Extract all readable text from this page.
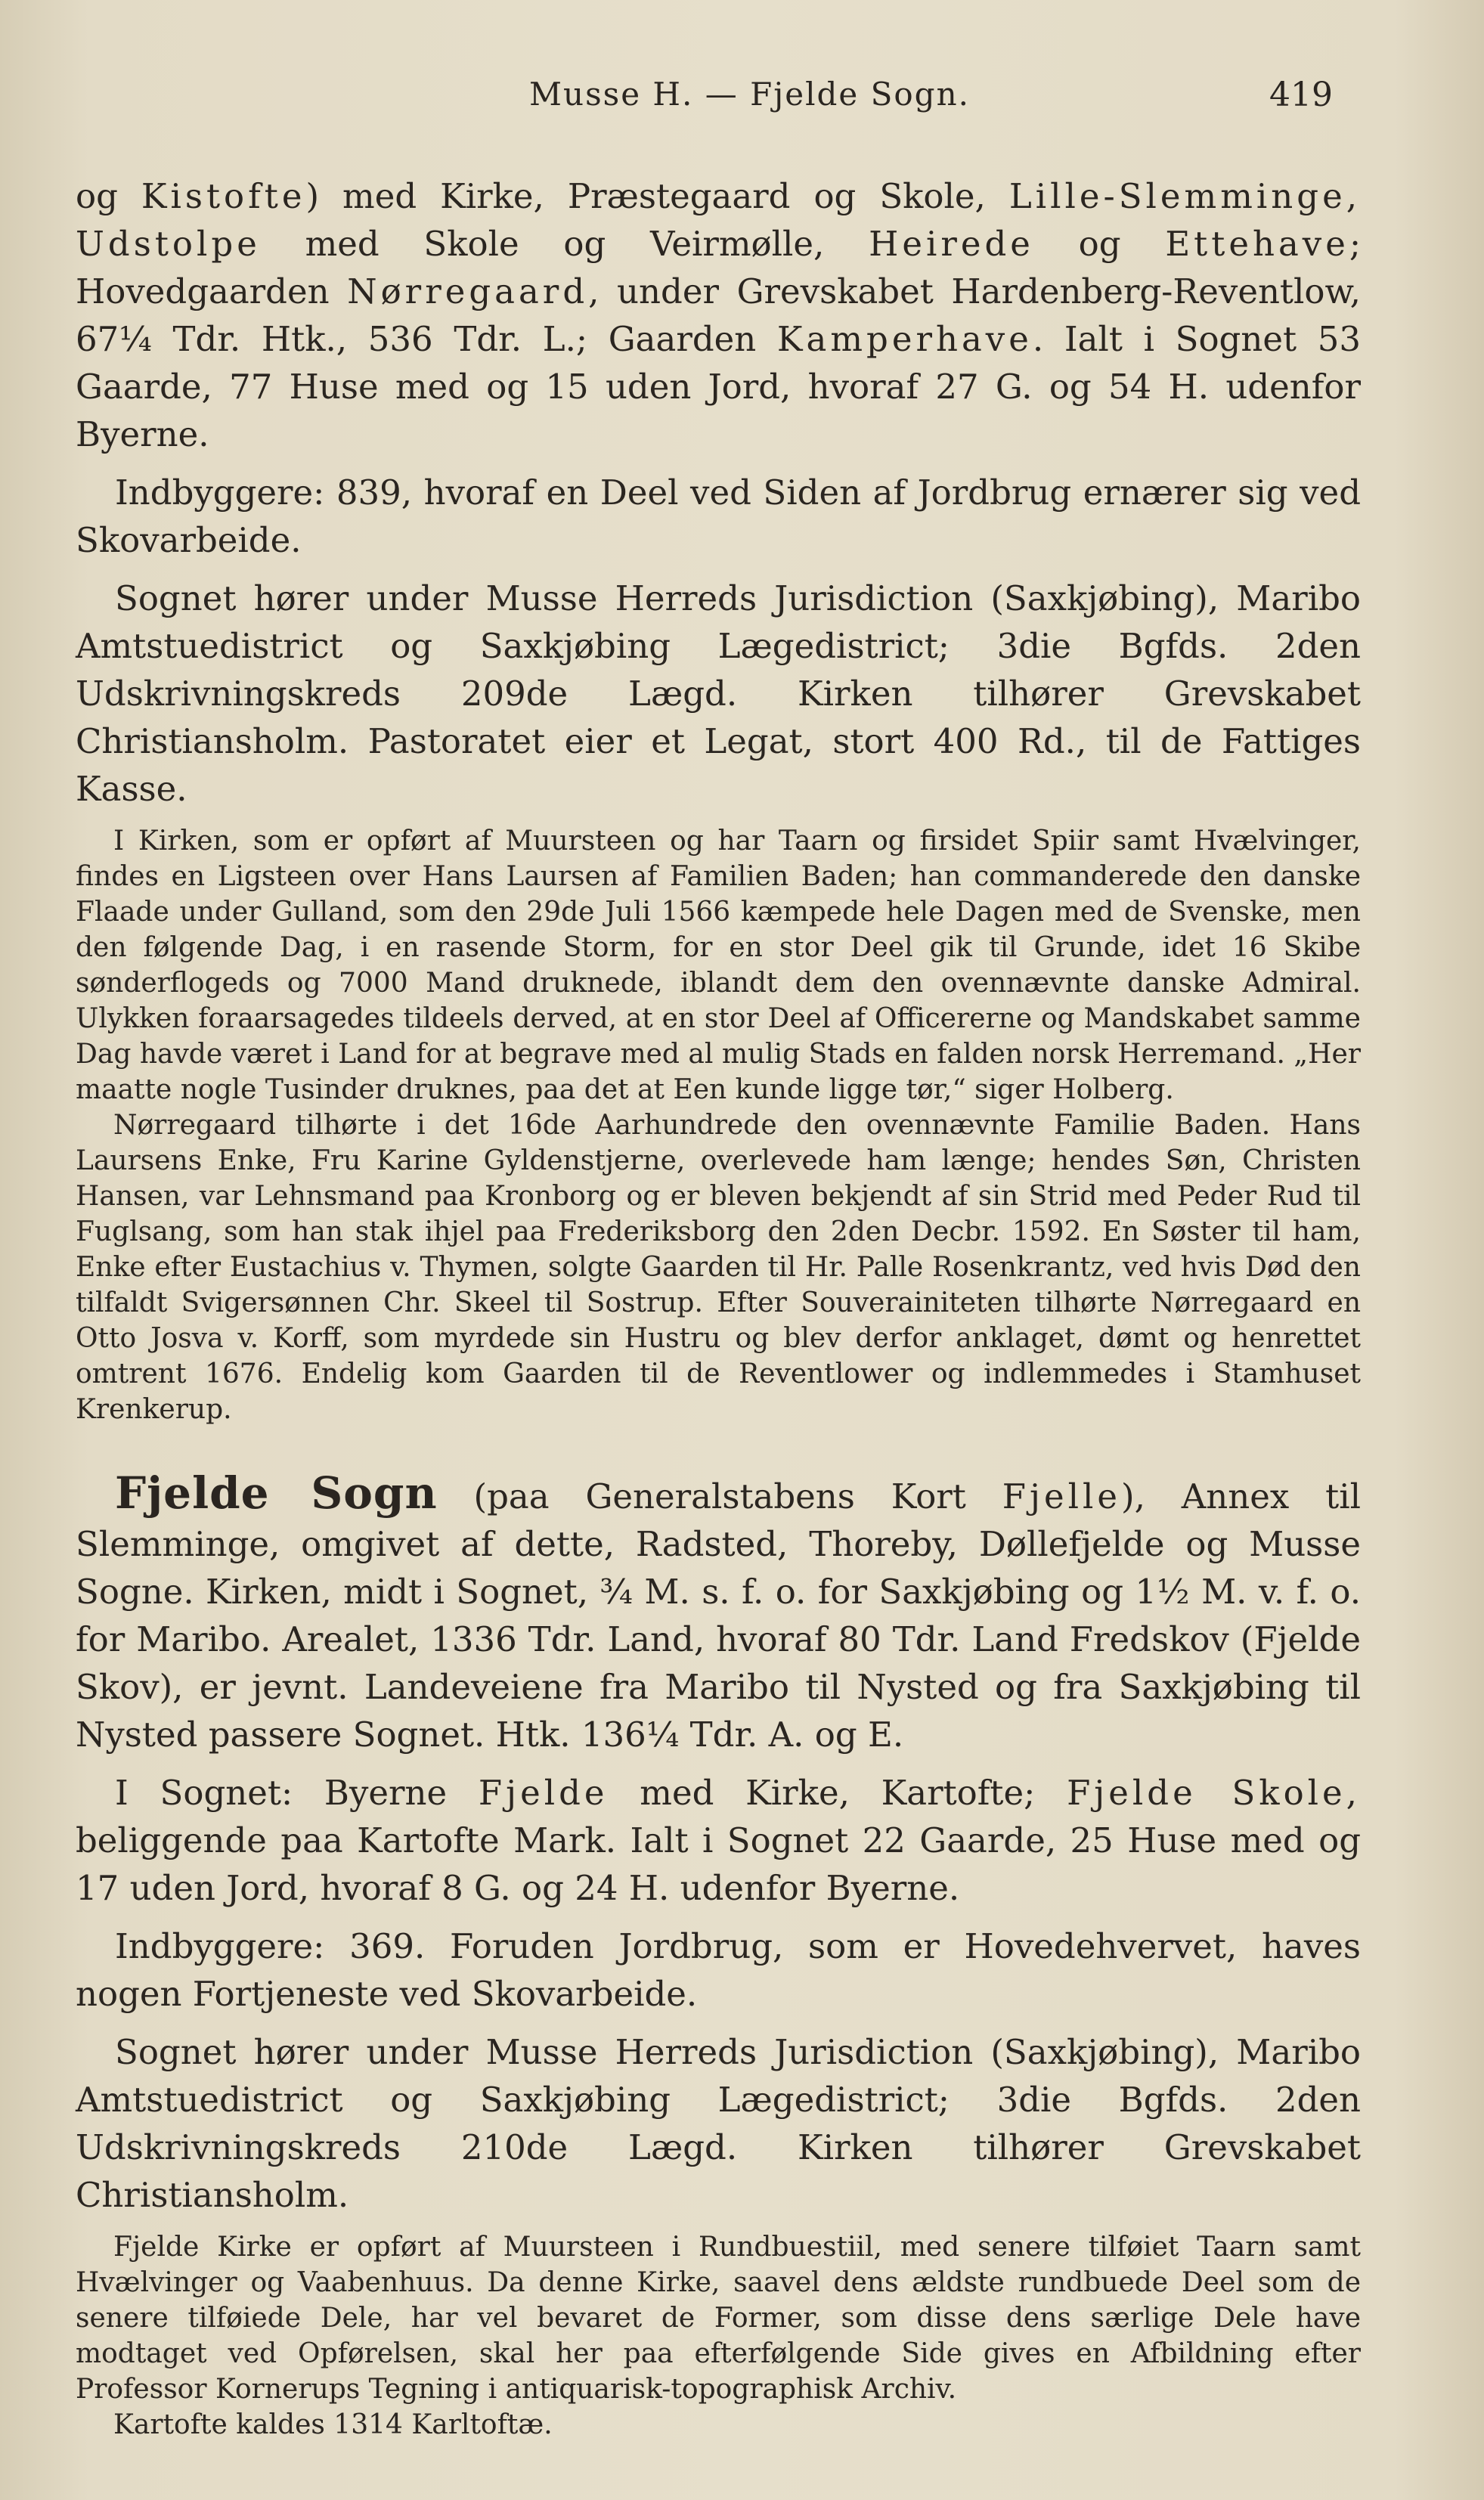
Musse H. — Fjelde Sogn.	419

og Kistofte) med Kirke, Præstegaard og Skole, Lille-Slemminge, Udstolpe med Skole og Veirmølle, Heirede og Ettehave; Hovedgaarden Nørregaard, under Grevskabet Hardenberg-Reventlow, 67¼ Tdr. Htk., 536 Tdr. L.; Gaarden Kamperhave. Ialt i Sognet 53 Gaarde, 77 Huse med og 15 uden Jord, hvoraf 27 G. og 54 H. udenfor Byerne.

Indbyggere: 839, hvoraf en Deel ved Siden af Jordbrug ernærer sig ved Skovarbeide.

Sognet hører under Musse Herreds Jurisdiction (Saxkjøbing), Maribo Amtstuedistrict og Saxkjøbing Lægedistrict; 3die Bgfds. 2den Udskrivningskreds 209de Lægd. Kirken tilhører Grevskabet Christiansholm. Pastoratet eier et Legat, stort 400 Rd., til de Fattiges Kasse.

I Kirken, som er opført af Muursteen og har Taarn og firsidet Spiir samt Hvælvinger, findes en Ligsteen over Hans Laursen af Familien Baden; han commanderede den danske Flaade under Gulland, som den 29de Juli 1566 kæmpede hele Dagen med de Svenske, men den følgende Dag, i en rasende Storm, for en stor Deel gik til Grunde, idet 16 Skibe sønderflogeds og 7000 Mand druknede, iblandt dem den ovennævnte danske Admiral. Ulykken foraarsagedes tildeels derved, at en stor Deel af Officererne og Mandskabet samme Dag havde været i Land for at begrave med al mulig Stads en falden norsk Herremand. „Her maatte nogle Tusinder druknes, paa det at Een kunde ligge tør,“ siger Holberg.

Nørregaard tilhørte i det 16de Aarhundrede den ovennævnte Familie Baden. Hans Laursens Enke, Fru Karine Gyldenstjerne, overlevede ham længe; hendes Søn, Christen Hansen, var Lehnsmand paa Kronborg og er bleven bekjendt af sin Strid med Peder Rud til Fuglsang, som han stak ihjel paa Frederiksborg den 2den Decbr. 1592. En Søster til ham, Enke efter Eustachius v. Thymen, solgte Gaarden til Hr. Palle Rosenkrantz, ved hvis Død den tilfaldt Svigersønnen Chr. Skeel til Sostrup. Efter Souverainiteten tilhørte Nørregaard en Otto Josva v. Korff, som myrdede sin Hustru og blev derfor anklaget, dømt og henrettet omtrent 1676. Endelig kom Gaarden til de Reventlower og indlemmedes i Stamhuset Krenkerup.

Fjelde Sogn (paa Generalstabens Kort Fjelle), Annex til Slemminge, omgivet af dette, Radsted, Thoreby, Døllefjelde og Musse Sogne. Kirken, midt i Sognet, ¾ M. s. f. o. for Saxkjøbing og 1½ M. v. f. o. for Maribo. Arealet, 1336 Tdr. Land, hvoraf 80 Tdr. Land Fredskov (Fjelde Skov), er jevnt. Landeveiene fra Maribo til Nysted og fra Saxkjøbing til Nysted passere Sognet. Htk. 136¼ Tdr. A. og E.

I Sognet: Byerne Fjelde med Kirke, Kartofte; Fjelde Skole, beliggende paa Kartofte Mark. Ialt i Sognet 22 Gaarde, 25 Huse med og 17 uden Jord, hvoraf 8 G. og 24 H. udenfor Byerne.

Indbyggere: 369. Foruden Jordbrug, som er Hovedehvervet, haves nogen Fortjeneste ved Skovarbeide.

Sognet hører under Musse Herreds Jurisdiction (Saxkjøbing), Maribo Amtstuedistrict og Saxkjøbing Lægedistrict; 3die Bgfds. 2den Udskrivningskreds 210de Lægd. Kirken tilhører Grevskabet Christiansholm.

Fjelde Kirke er opført af Muursteen i Rundbuestiil, med senere tilføiet Taarn samt Hvælvinger og Vaabenhuus. Da denne Kirke, saavel dens ældste rundbuede Deel som de senere tilføiede Dele, har vel bevaret de Former, som disse dens særlige Dele have modtaget ved Opførelsen, skal her paa efterfølgende Side gives en Afbildning efter Professor Kornerups Tegning i antiquarisk-topographisk Archiv.

Kartofte kaldes 1314 Karltoftæ.
